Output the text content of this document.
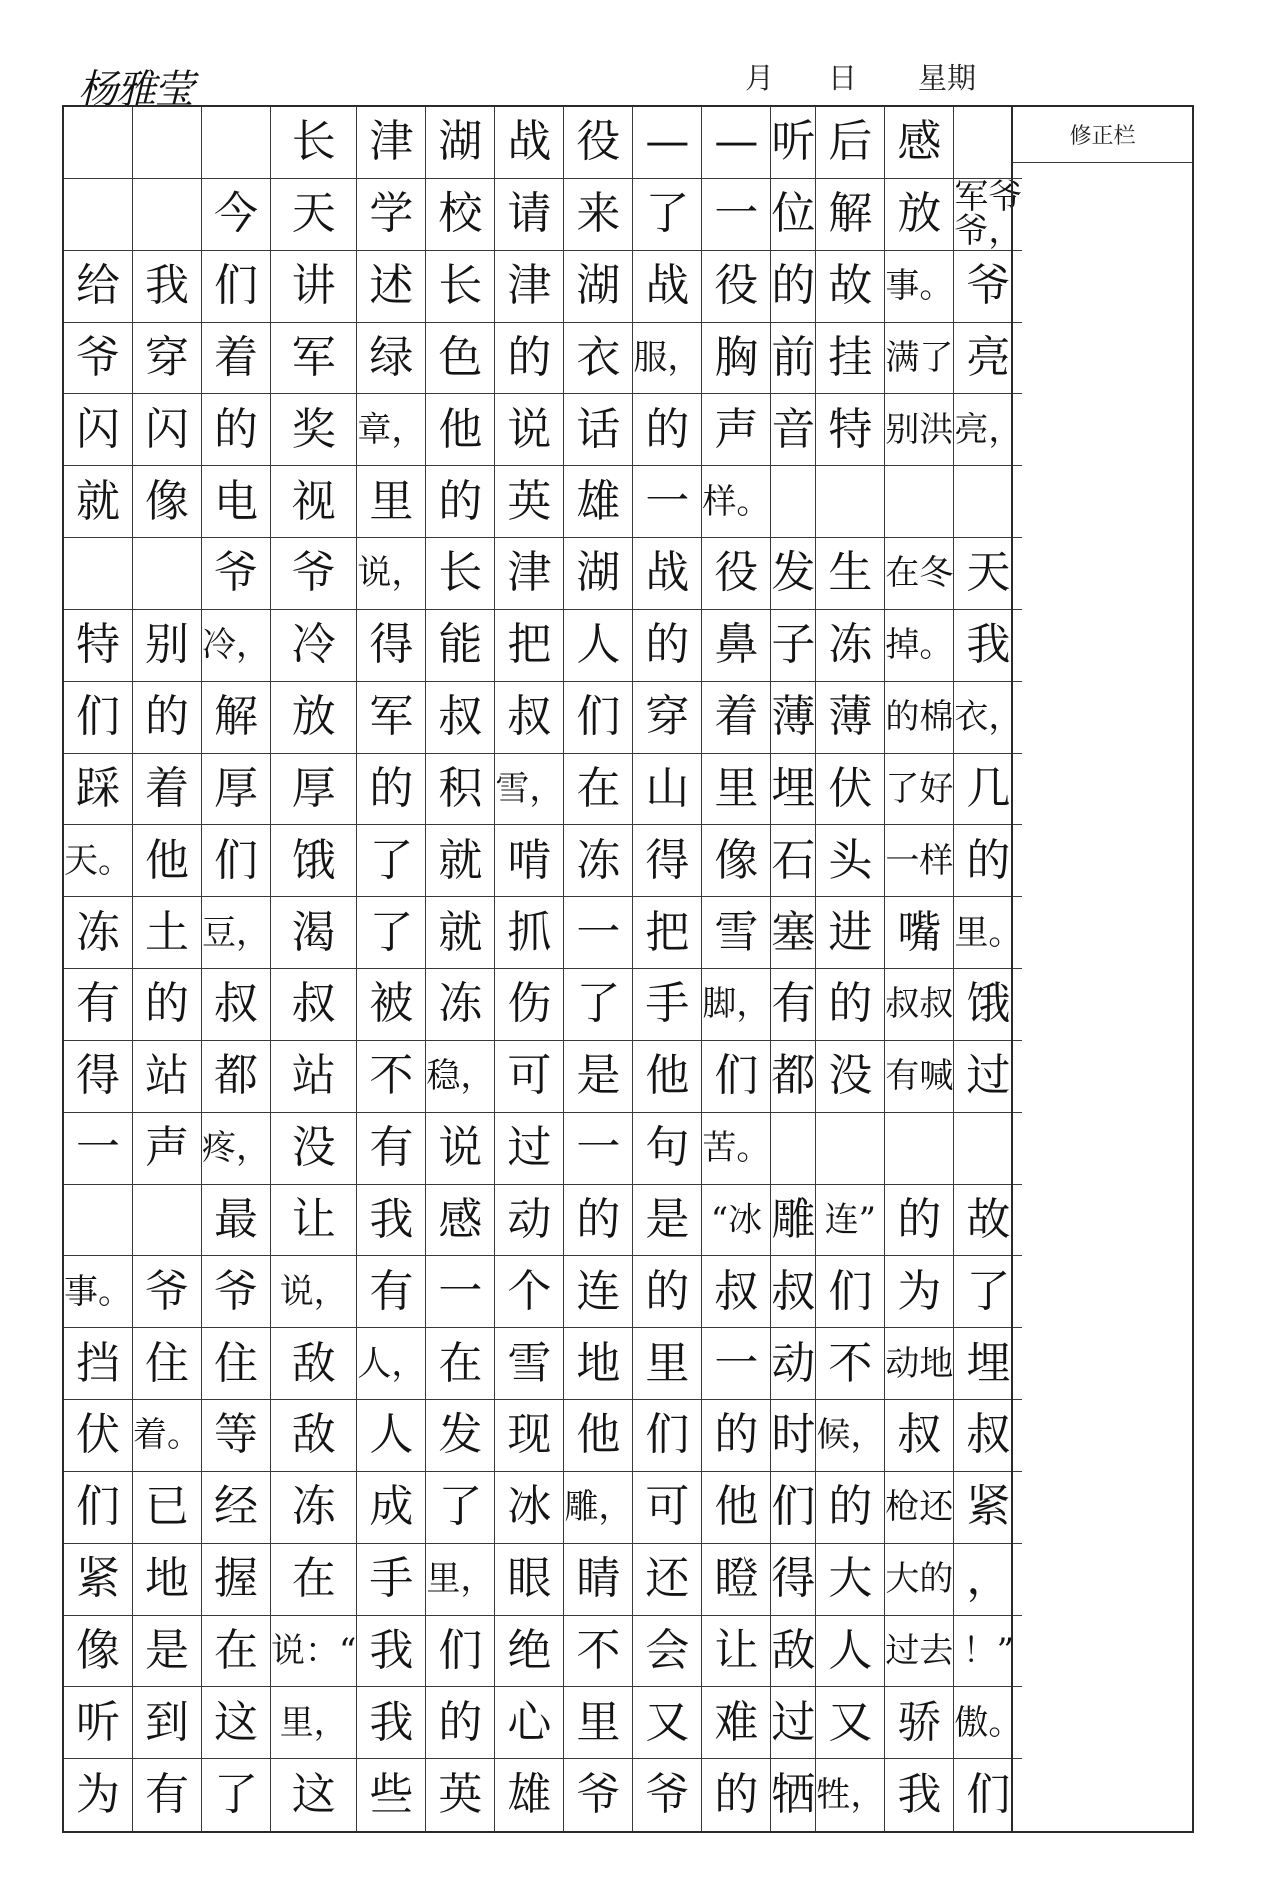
杨雅莹	月 日 星期
长 津 湖 战 役 — — 听 后 感
今 天 学 校 请 来 了 一 位 解 放 军爷爷，
给 我 们 讲 述 长 津 湖 战 役 的 故 事。 爷
爷 穿 着 军 绿 色 的 衣 服， 胸 前 挂 满了 亮
闪 闪 的 奖 章， 他 说 话 的 声 音 特 别洪 亮，
就 像 电 视 里 的 英 雄 一 样。
爷 爷 说， 长 津 湖 战 役 发 生 在冬 天
特 别 冷， 冷 得 能 把 人 的 鼻 子 冻 掉。 我
们 的 解 放 军 叔 叔 们 穿 着 薄 薄 的棉 衣，
踩 着 厚 厚 的 积 雪， 在 山 里 埋 伏 了好 几
天。 他 们 饿 了 就 啃 冻 得 像 石 头 一样 的
冻 土 豆， 渴 了 就 抓 一 把 雪 塞 进 嘴 里。
有 的 叔 叔 被 冻 伤 了 手 脚， 有 的 叔叔 饿
得 站 都 站 不 稳， 可 是 他 们 都 没 有喊 过
一 声 疼， 没 有 说 过 一 句 苦。
最 让 我 感 动 的 是 “冰 雕 连” 的 故
事。 爷 爷 说， 有 一 个 连 的 叔 叔 们 为 了
挡 住 住 敌 人， 在 雪 地 里 一 动 不 动地 埋
伏 着。 等 敌 人 发 现 他 们 的 时 候， 叔 叔
们 已 经 冻 成 了 冰 雕， 可 他 们 的 枪还 紧
紧 地 握 在 手 里， 眼 睛 还 瞪 得 大 大的 ，
像 是 在 说：“ 我 们 绝 不 会 让 敌 人 过去 ！”
听 到 这 里， 我 的 心 里 又 难 过 又 骄 傲。
为 有 了 这 些 英 雄 爷 爷 的 牺 牲， 我 们
修正栏
